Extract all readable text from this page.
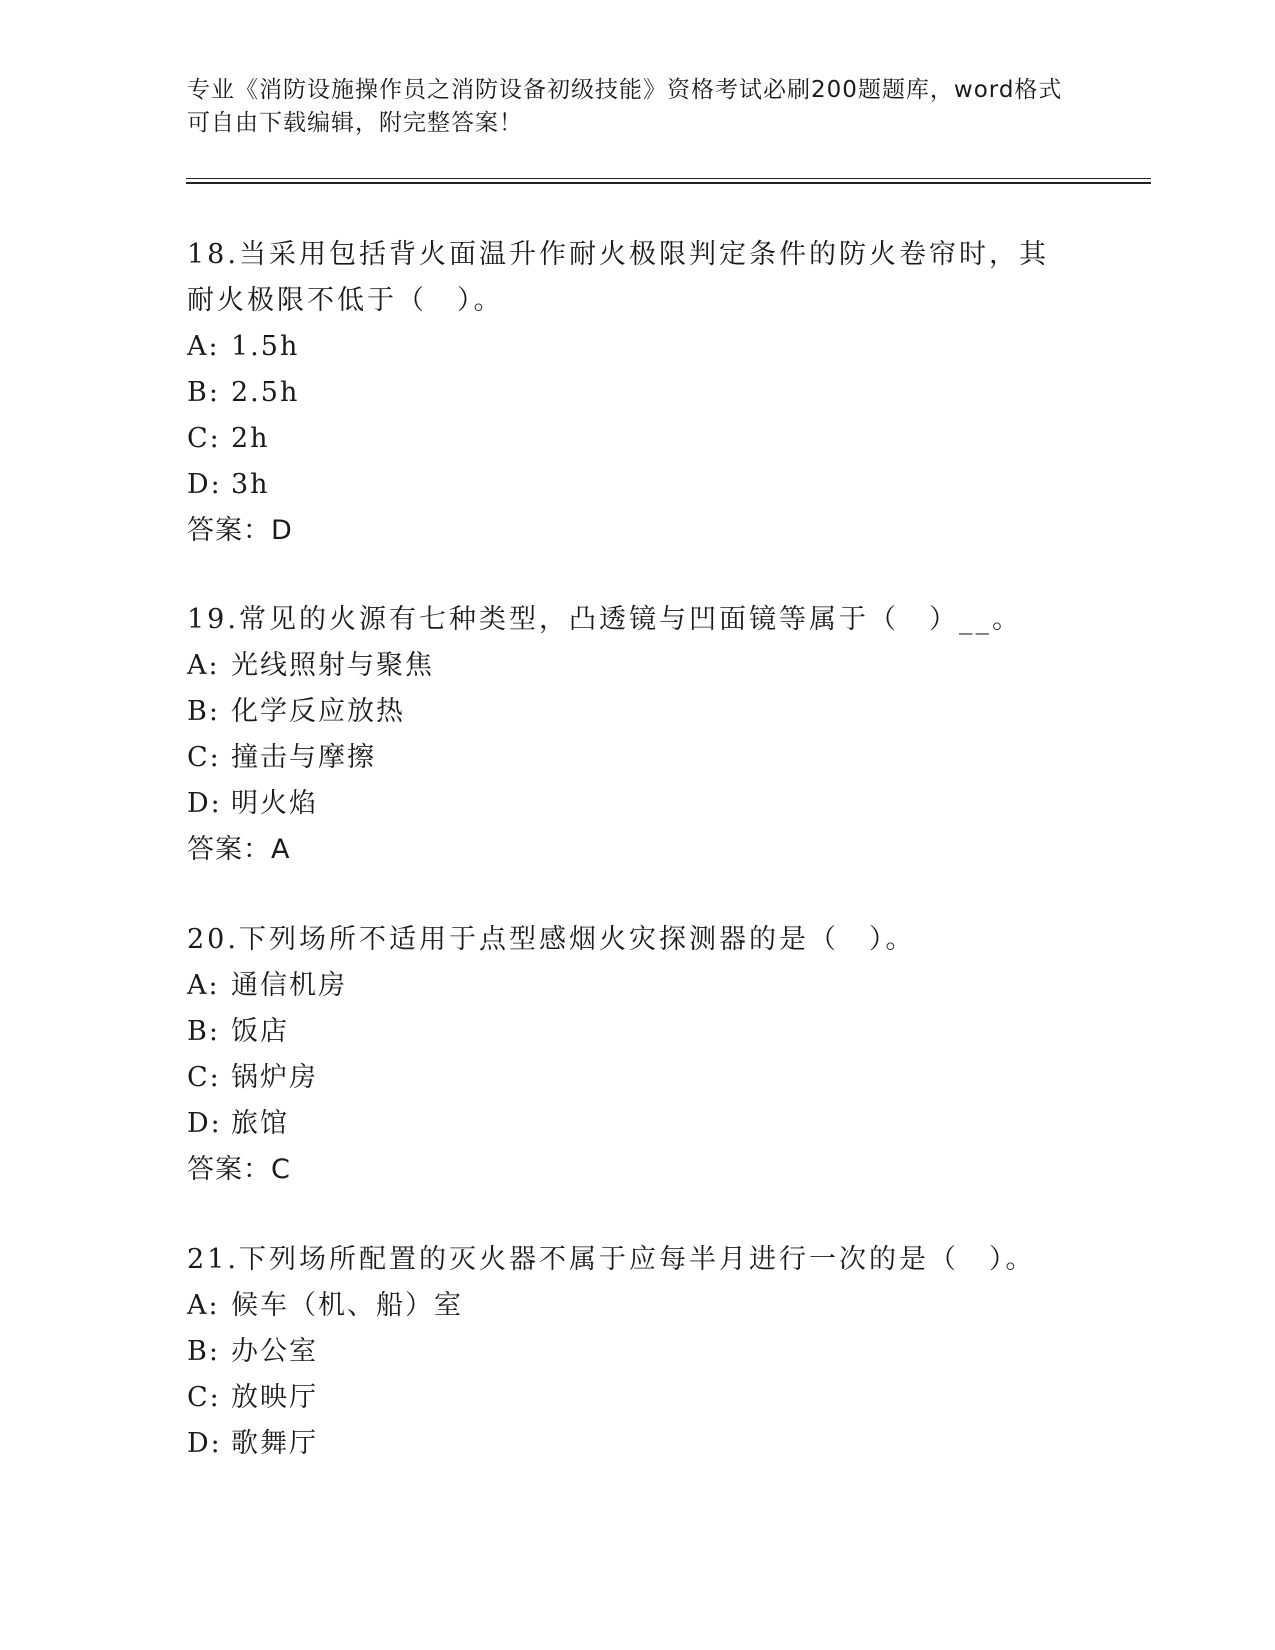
专业《消防设施操作员之消防设备初级技能》资格考试必刷200题题库，word格式可自由下载编辑，附完整答案！

18.当采用包括背火面温升作耐火极限判定条件的防火卷帘时，其耐火极限不低于（　）。

A: 1.5h

B: 2.5h

C: 2h

D: 3h

答案：D

19.常见的火源有七种类型，凸透镜与凹面镜等属于（　）__。

A: 光线照射与聚焦

B: 化学反应放热

C: 撞击与摩擦

D: 明火焰

答案：A

20.下列场所不适用于点型感烟火灾探测器的是（　）。

A: 通信机房

B: 饭店

C: 锅炉房

D: 旅馆

答案：C

21.下列场所配置的灭火器不属于应每半月进行一次的是（　）。

A: 候车（机、船）室

B: 办公室

C: 放映厅

D: 歌舞厅
